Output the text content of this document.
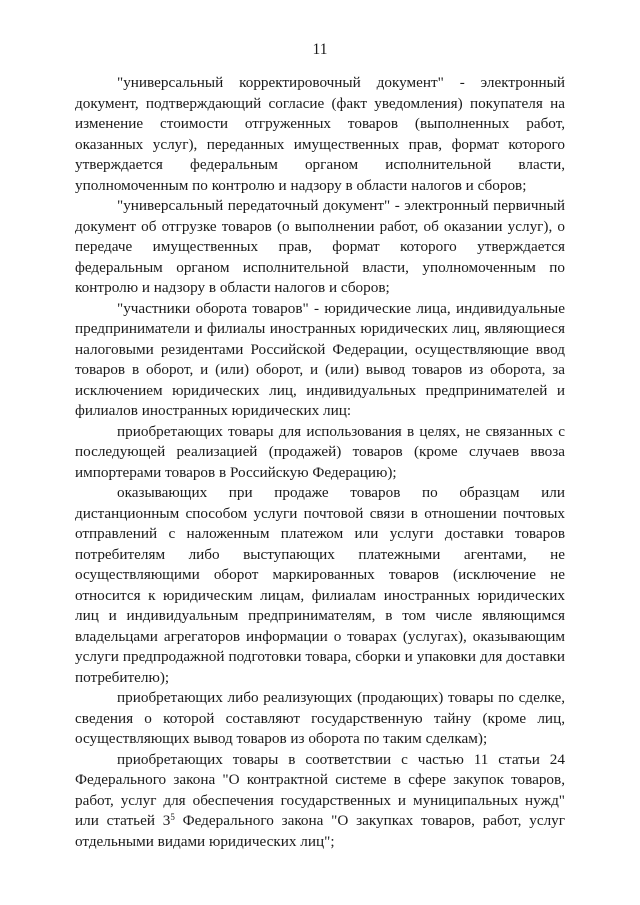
11

"универсальный корректировочный документ" - электронный документ, подтверждающий согласие (факт уведомления) покупателя на изменение стоимости отгруженных товаров (выполненных работ, оказанных услуг), переданных имущественных прав, формат которого утверждается федеральным органом исполнительной власти, уполномоченным по контролю и надзору в области налогов и сборов;

"универсальный передаточный документ" - электронный первичный документ об отгрузке товаров (о выполнении работ, об оказании услуг), о передаче имущественных прав, формат которого утверждается федеральным органом исполнительной власти, уполномоченным по контролю и надзору в области налогов и сборов;

"участники оборота товаров" - юридические лица, индивидуальные предприниматели и филиалы иностранных юридических лиц, являющиеся налоговыми резидентами Российской Федерации, осуществляющие ввод товаров в оборот, и (или) оборот, и (или) вывод товаров из оборота, за исключением юридических лиц, индивидуальных предпринимателей и филиалов иностранных юридических лиц:

приобретающих товары для использования в целях, не связанных с последующей реализацией (продажей) товаров (кроме случаев ввоза импортерами товаров в Российскую Федерацию);

оказывающих при продаже товаров по образцам или дистанционным способом услуги почтовой связи в отношении почтовых отправлений с наложенным платежом или услуги доставки товаров потребителям либо выступающих платежными агентами, не осуществляющими оборот маркированных товаров (исключение не относится к юридическим лицам, филиалам иностранных юридических лиц и индивидуальным предпринимателям, в том числе являющимся владельцами агрегаторов информации о товарах (услугах), оказывающим услуги предпродажной подготовки товара, сборки и упаковки для доставки потребителю);

приобретающих либо реализующих (продающих) товары по сделке, сведения о которой составляют государственную тайну (кроме лиц, осуществляющих вывод товаров из оборота по таким сделкам);

приобретающих товары в соответствии с частью 11 статьи 24 Федерального закона "О контрактной системе в сфере закупок товаров, работ, услуг для обеспечения государственных и муниципальных нужд" или статьей $3^5$ Федерального закона "О закупках товаров, работ, услуг отдельными видами юридических лиц";
